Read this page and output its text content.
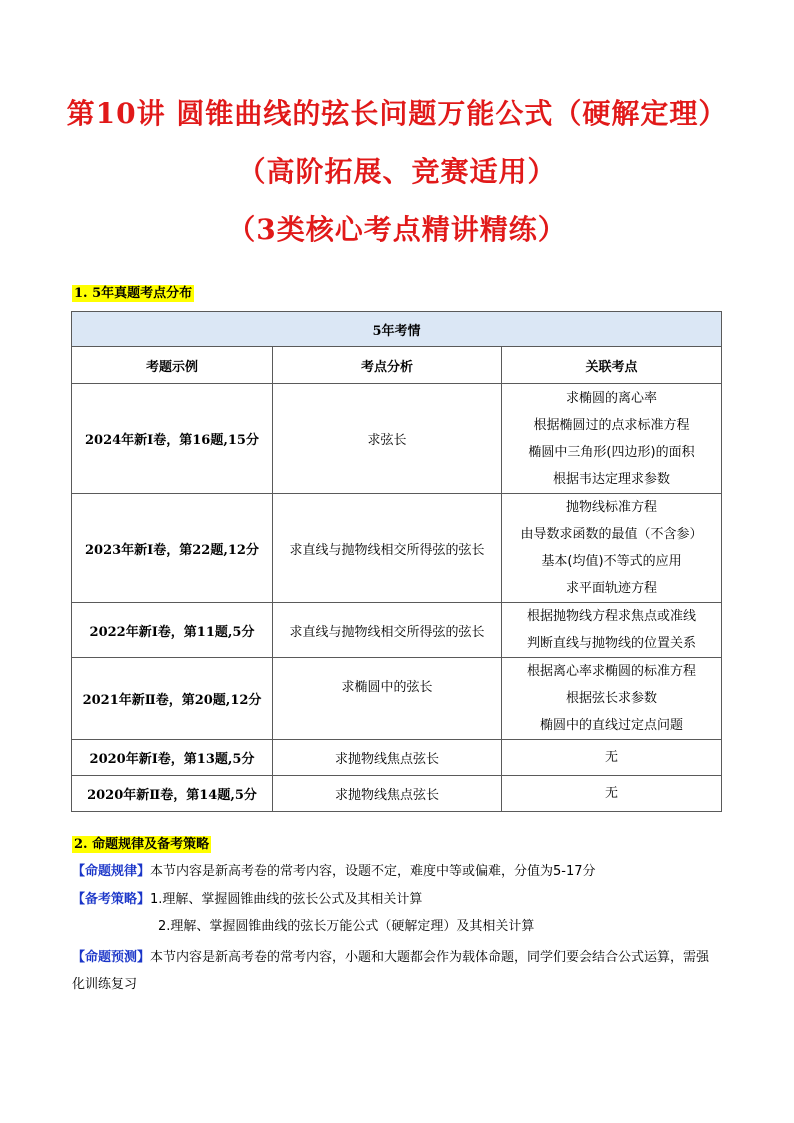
第10讲 圆锥曲线的弦长问题万能公式（硬解定理）
（高阶拓展、竞赛适用）
（3类核心考点精讲精练）
1. 5年真题考点分布
5年考情		
考题示例	考点分析	关联考点
2024年新I卷，第16题,15分	求弦长	求椭圆的离心率
根据椭圆过的点求标准方程
椭圆中三角形(四边形)的面积
根据韦达定理求参数

2023年新I卷，第22题,12分	求直线与抛物线相交所得弦的弦长	抛物线标准方程
由导数求函数的最值（不含参）
基本(均值)不等式的应用
求平面轨迹方程

2022年新I卷，第11题,5分	求直线与抛物线相交所得弦的弦长	根据抛物线方程求焦点或准线
判断直线与抛物线的位置关系

2021年新Ⅱ卷，第20题,12分	求椭圆中的弦长	根据离心率求椭圆的标准方程
根据弦长求参数
椭圆中的直线过定点问题

2020年新I卷，第13题,5分	求抛物线焦点弦长	无

2020年新Ⅱ卷，第14题,5分	求抛物线焦点弦长	无
2. 命题规律及备考策略
【命题规律】本节内容是新高考卷的常考内容，设题不定，难度中等或偏难，分值为5-17分
【备考策略】1.理解、掌握圆锥曲线的弦长公式及其相关计算
2.理解、掌握圆锥曲线的弦长万能公式（硬解定理）及其相关计算
【命题预测】本节内容是新高考卷的常考内容，小题和大题都会作为载体命题，同学们要会结合公式运算，需强化训练复习
